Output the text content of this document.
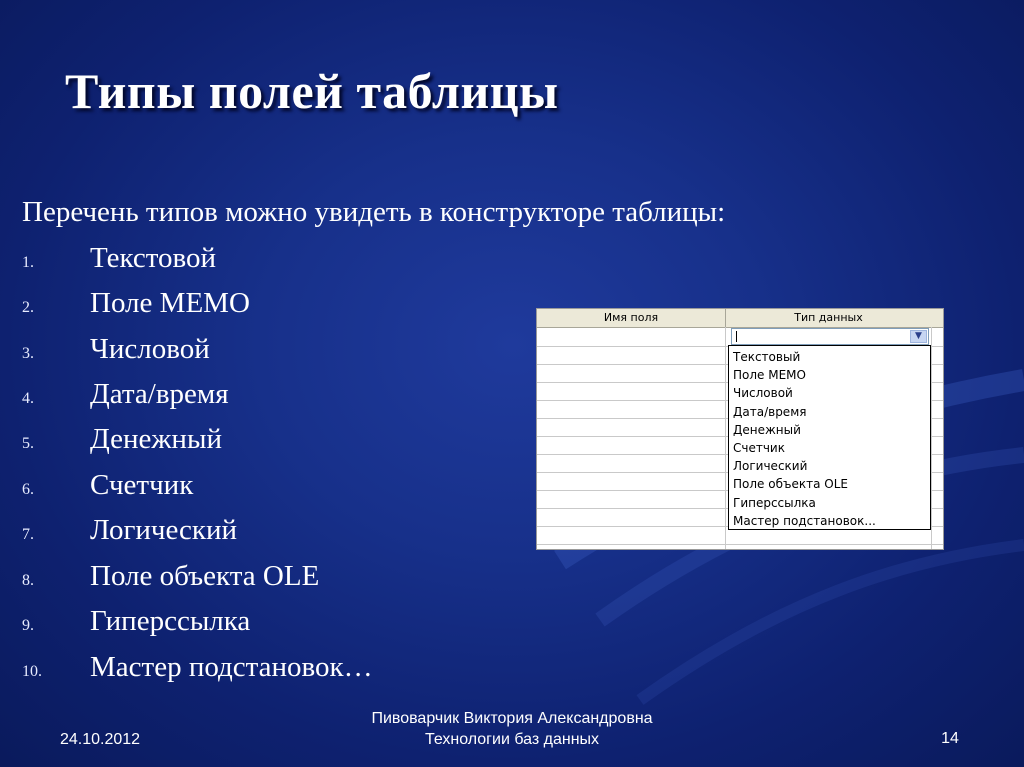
Типы полей таблицы
Перечень типов можно увидеть в конструкторе таблицы:
1. Текстовой
2. Поле МЕМО
3. Числовой
4. Дата/время
5. Денежный
6. Счетчик
7. Логический
8. Поле объекта OLE
9. Гиперссылка
10. Мастер подстановок…
Имя поля	Тип данных
▼
Текстовый
Поле МЕМО
Числовой
Дата/время
Денежный
Счетчик
Логический
Поле объекта OLE
Гиперссылка
Мастер подстановок...
24.10.2012
Пивоварчик Виктория Александровна
Технологии баз данных	14
